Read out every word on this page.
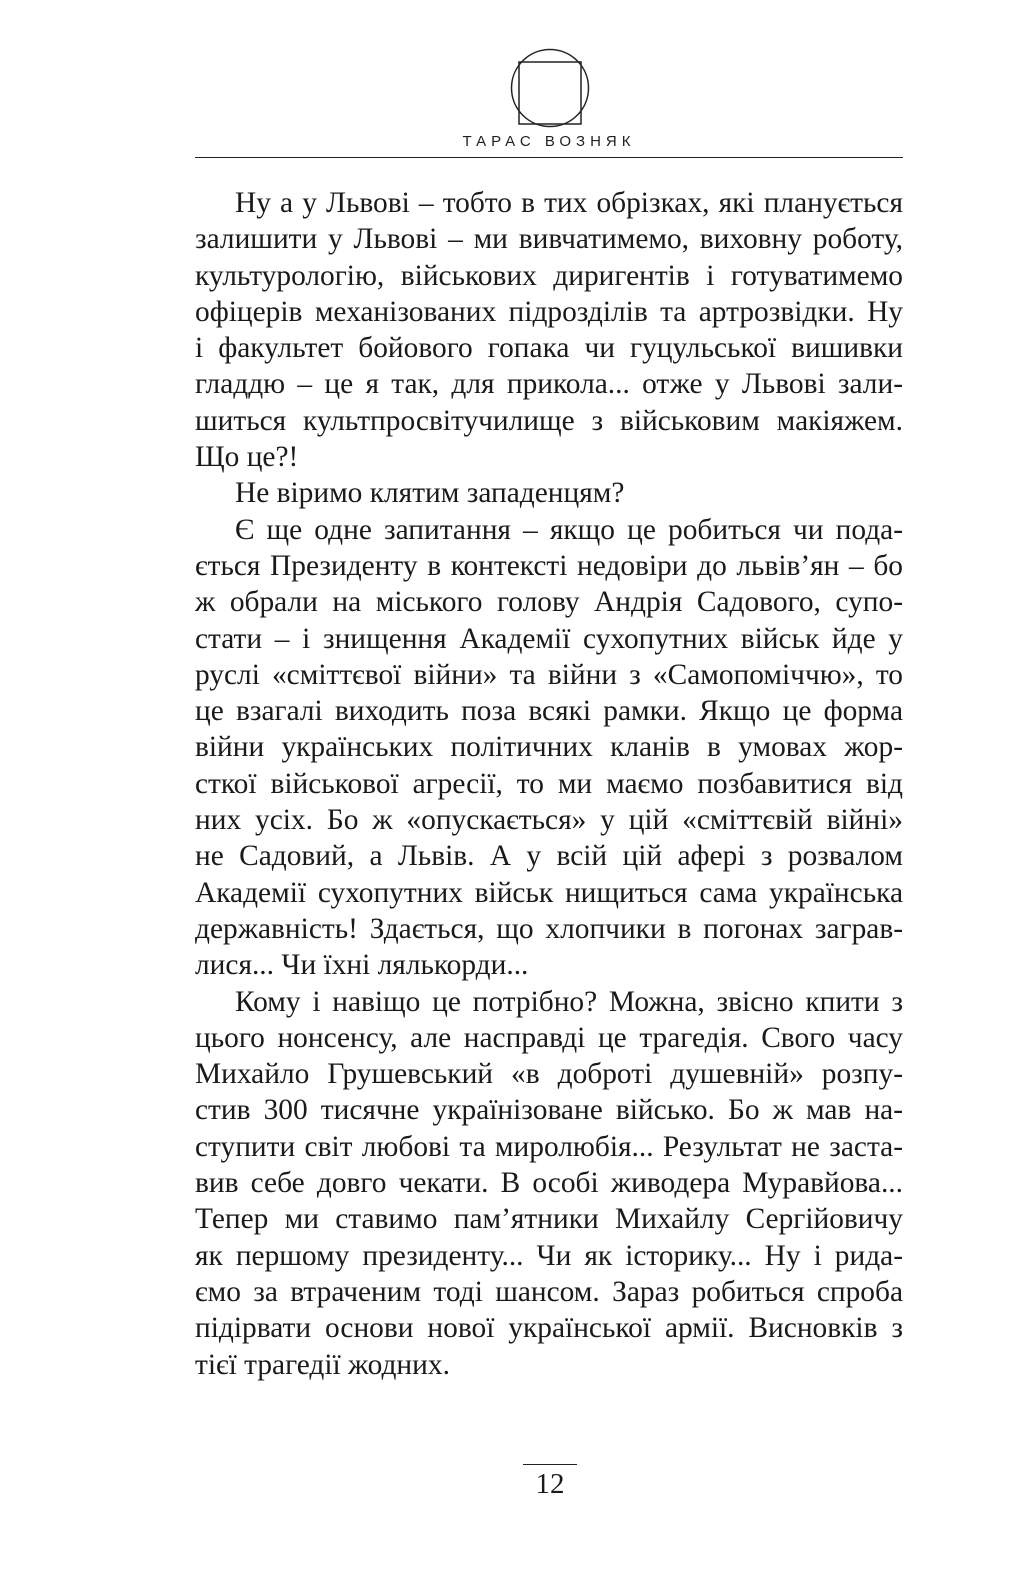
ТАРАС ВОЗНЯК
Ну а у Львові – тобто в тих обрізках, які планується
залишити у Львові – ми вивчатимемо, виховну роботу,
культурологію, військових диригентів і готуватимемо
офіцерів механізованих підрозділів та артрозвідки. Ну
і факультет бойового гопака чи гуцульської вишивки
гладдю – це я так, для прикола... отже у Львові зали-
шиться культпросвітучилище з військовим макіяжем.
Що це?!
Не віримо клятим западенцям?
Є ще одне запитання – якщо це робиться чи пода-
ється Президенту в контексті недовіри до львів’ян – бо
ж обрали на міського голову Андрія Садового, супо-
стати – і знищення Академії сухопутних військ йде у
руслі «сміттєвої війни» та війни з «Самопоміччю», то
це взагалі виходить поза всякі рамки. Якщо це форма
війни українських політичних кланів в умовах жор-
сткої військової агресії, то ми маємо позбавитися від
них усіх. Бо ж «опускається» у цій «сміттєвій війні»
не Садовий, а Львів. А у всій цій афері з розвалом
Академії сухопутних військ нищиться сама українська
державність! Здається, що хлопчики в погонах заграв-
лися... Чи їхні лялькорди...
Кому і навіщо це потрібно? Можна, звісно кпити з
цього нонсенсу, але насправді це трагедія. Свого часу
Михайло Грушевський «в доброті душевній» розпу-
стив 300 тисячне українізоване військо. Бо ж мав на-
ступити світ любові та миролюбія... Результат не заста-
вив себе довго чекати. В особі живодера Муравйова...
Тепер ми ставимо пам’ятники Михайлу Сергійовичу
як першому президенту... Чи як історику... Ну і рида-
ємо за втраченим тоді шансом. Зараз робиться спроба
підірвати основи нової української армії. Висновків з
тієї трагедії жодних.
12
